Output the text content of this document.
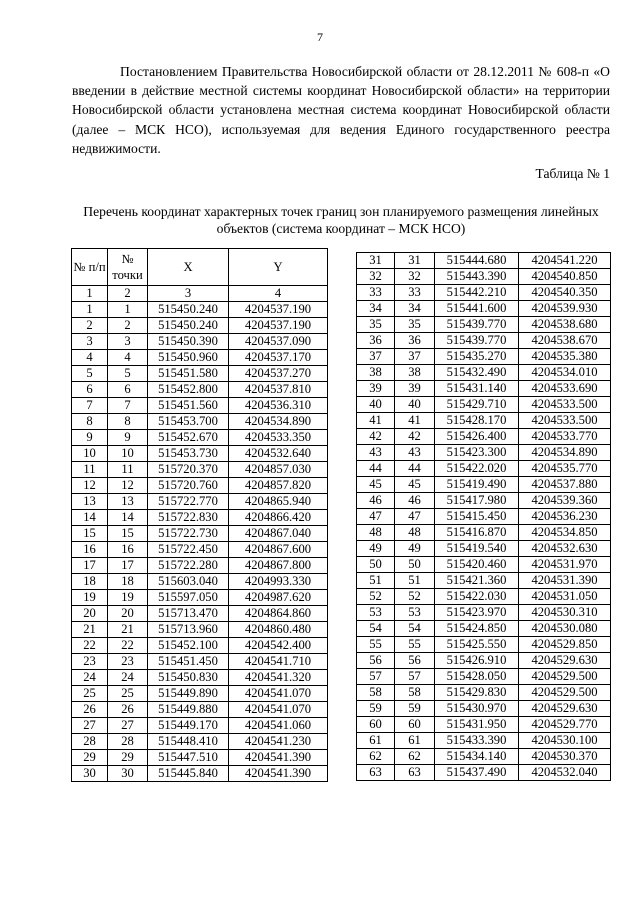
7

Постановлением Правительства Новосибирской области от 28.12.2011 № 608-п «О введении в действие местной системы координат Новосибирской области» на территории Новосибирской области установлена местная система координат Новосибирской области (далее – МСК НСО), используемая для ведения Единого государственного реестра недвижимости.

Таблица № 1

Перечень координат характерных точек границ зон планируемого размещения линейных объектов (система координат – МСК НСО)

№ п/п	№ точки	X	Y
1	2	3	4
1	1	515450.240	4204537.190
2	2	515450.240	4204537.190
3	3	515450.390	4204537.090
4	4	515450.960	4204537.170
5	5	515451.580	4204537.270
6	6	515452.800	4204537.810
7	7	515451.560	4204536.310
8	8	515453.700	4204534.890
9	9	515452.670	4204533.350
10	10	515453.730	4204532.640
11	11	515720.370	4204857.030
12	12	515720.760	4204857.820
13	13	515722.770	4204865.940
14	14	515722.830	4204866.420
15	15	515722.730	4204867.040
16	16	515722.450	4204867.600
17	17	515722.280	4204867.800
18	18	515603.040	4204993.330
19	19	515597.050	4204987.620
20	20	515713.470	4204864.860
21	21	515713.960	4204860.480
22	22	515452.100	4204542.400
23	23	515451.450	4204541.710
24	24	515450.830	4204541.320
25	25	515449.890	4204541.070
26	26	515449.880	4204541.070
27	27	515449.170	4204541.060
28	28	515448.410	4204541.230
29	29	515447.510	4204541.390
30	30	515445.840	4204541.390
31	31	515444.680	4204541.220
32	32	515443.390	4204540.850
33	33	515442.210	4204540.350
34	34	515441.600	4204539.930
35	35	515439.770	4204538.680
36	36	515439.770	4204538.670
37	37	515435.270	4204535.380
38	38	515432.490	4204534.010
39	39	515431.140	4204533.690
40	40	515429.710	4204533.500
41	41	515428.170	4204533.500
42	42	515426.400	4204533.770
43	43	515423.300	4204534.890
44	44	515422.020	4204535.770
45	45	515419.490	4204537.880
46	46	515417.980	4204539.360
47	47	515415.450	4204536.230
48	48	515416.870	4204534.850
49	49	515419.540	4204532.630
50	50	515420.460	4204531.970
51	51	515421.360	4204531.390
52	52	515422.030	4204531.050
53	53	515423.970	4204530.310
54	54	515424.850	4204530.080
55	55	515425.550	4204529.850
56	56	515426.910	4204529.630
57	57	515428.050	4204529.500
58	58	515429.830	4204529.500
59	59	515430.970	4204529.630
60	60	515431.950	4204529.770
61	61	515433.390	4204530.100
62	62	515434.140	4204530.370
63	63	515437.490	4204532.040
